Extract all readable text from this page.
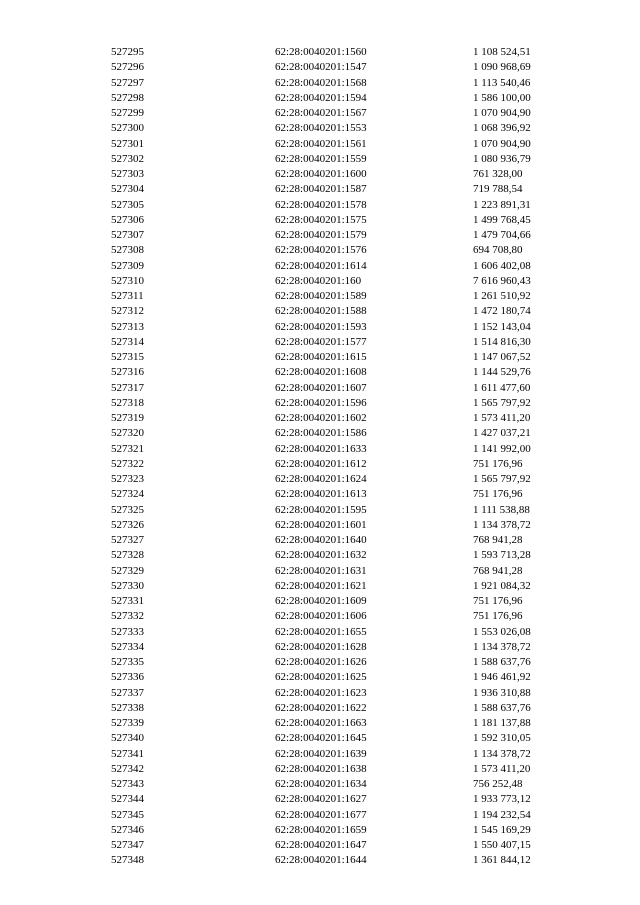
527295	62:28:0040201:1560	1 108 524,51
527296	62:28:0040201:1547	1 090 968,69
527297	62:28:0040201:1568	1 113 540,46
527298	62:28:0040201:1594	1 586 100,00
527299	62:28:0040201:1567	1 070 904,90
527300	62:28:0040201:1553	1 068 396,92
527301	62:28:0040201:1561	1 070 904,90
527302	62:28:0040201:1559	1 080 936,79
527303	62:28:0040201:1600	761 328,00
527304	62:28:0040201:1587	719 788,54
527305	62:28:0040201:1578	1 223 891,31
527306	62:28:0040201:1575	1 499 768,45
527307	62:28:0040201:1579	1 479 704,66
527308	62:28:0040201:1576	694 708,80
527309	62:28:0040201:1614	1 606 402,08
527310	62:28:0040201:160	7 616 960,43
527311	62:28:0040201:1589	1 261 510,92
527312	62:28:0040201:1588	1 472 180,74
527313	62:28:0040201:1593	1 152 143,04
527314	62:28:0040201:1577	1 514 816,30
527315	62:28:0040201:1615	1 147 067,52
527316	62:28:0040201:1608	1 144 529,76
527317	62:28:0040201:1607	1 611 477,60
527318	62:28:0040201:1596	1 565 797,92
527319	62:28:0040201:1602	1 573 411,20
527320	62:28:0040201:1586	1 427 037,21
527321	62:28:0040201:1633	1 141 992,00
527322	62:28:0040201:1612	751 176,96
527323	62:28:0040201:1624	1 565 797,92
527324	62:28:0040201:1613	751 176,96
527325	62:28:0040201:1595	1 111 538,88
527326	62:28:0040201:1601	1 134 378,72
527327	62:28:0040201:1640	768 941,28
527328	62:28:0040201:1632	1 593 713,28
527329	62:28:0040201:1631	768 941,28
527330	62:28:0040201:1621	1 921 084,32
527331	62:28:0040201:1609	751 176,96
527332	62:28:0040201:1606	751 176,96
527333	62:28:0040201:1655	1 553 026,08
527334	62:28:0040201:1628	1 134 378,72
527335	62:28:0040201:1626	1 588 637,76
527336	62:28:0040201:1625	1 946 461,92
527337	62:28:0040201:1623	1 936 310,88
527338	62:28:0040201:1622	1 588 637,76
527339	62:28:0040201:1663	1 181 137,88
527340	62:28:0040201:1645	1 592 310,05
527341	62:28:0040201:1639	1 134 378,72
527342	62:28:0040201:1638	1 573 411,20
527343	62:28:0040201:1634	756 252,48
527344	62:28:0040201:1627	1 933 773,12
527345	62:28:0040201:1677	1 194 232,54
527346	62:28:0040201:1659	1 545 169,29
527347	62:28:0040201:1647	1 550 407,15
527348	62:28:0040201:1644	1 361 844,12
